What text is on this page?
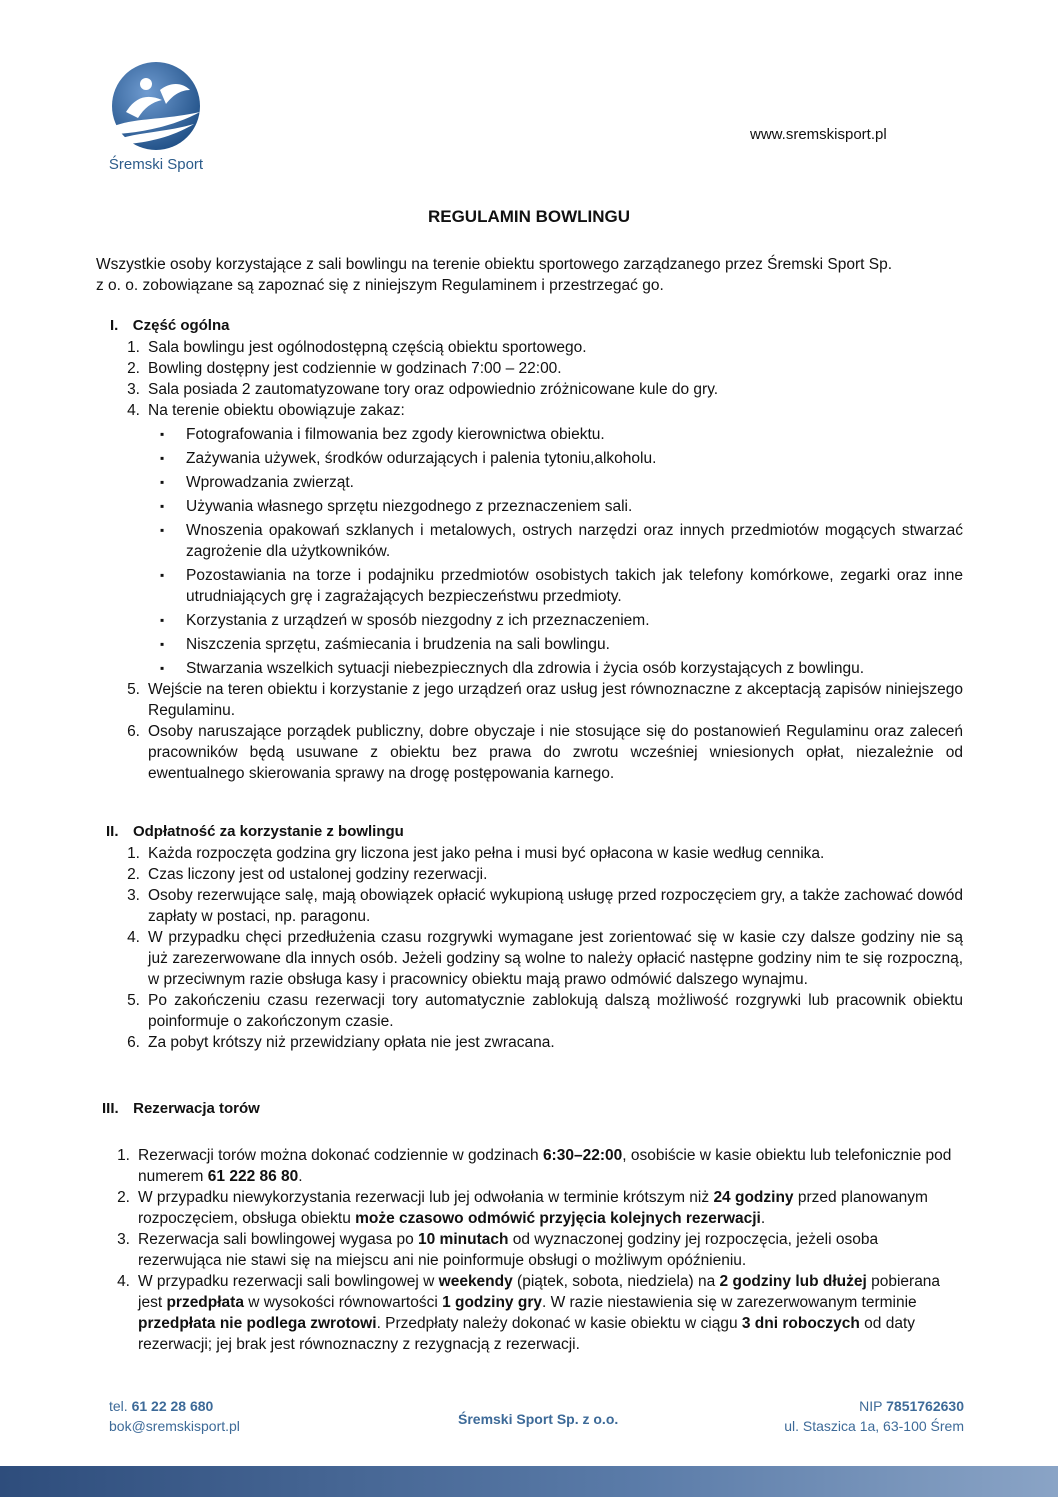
Śremski Sport
www.sremskisport.pl
REGULAMIN BOWLINGU
Wszystkie osoby korzystające z sali bowlingu na terenie obiektu sportowego zarządzanego przez Śremski Sport Sp.
z o. o. zobowiązane są zapoznać się z niniejszym Regulaminem i przestrzegać go.
I. Część ogólna
1. Sala bowlingu jest ogólnodostępną częścią obiektu sportowego.
2. Bowling dostępny jest codziennie w godzinach 7:00 – 22:00.
3. Sala posiada 2 zautomatyzowane tory oraz odpowiednio zróżnicowane kule do gry.
4. Na terenie obiektu obowiązuje zakaz:
▪	Fotografowania i filmowania bez zgody kierownictwa obiektu.
▪	Zażywania używek, środków odurzających i palenia tytoniu,alkoholu.
▪	Wprowadzania zwierząt.
▪	Używania własnego sprzętu niezgodnego z przeznaczeniem sali.
▪	Wnoszenia opakowań szklanych i metalowych, ostrych narzędzi oraz innych przedmiotów mogących stwarzać zagrożenie dla użytkowników.
▪	Pozostawiania na torze i podajniku przedmiotów osobistych takich jak telefony komórkowe, zegarki oraz inne utrudniających grę i zagrażających bezpieczeństwu przedmioty.
▪	Korzystania z urządzeń w sposób niezgodny z ich przeznaczeniem.
▪	Niszczenia sprzętu, zaśmiecania i brudzenia na sali bowlingu.
▪	Stwarzania wszelkich sytuacji niebezpiecznych dla zdrowia i życia osób korzystających z bowlingu.
5. Wejście na teren obiektu i korzystanie z jego urządzeń oraz usług jest równoznaczne z akceptacją zapisów niniejszego Regulaminu.
6. Osoby naruszające porządek publiczny, dobre obyczaje i nie stosujące się do postanowień Regulaminu oraz zaleceń pracowników będą usuwane z obiektu bez prawa do zwrotu wcześniej wniesionych opłat, niezależnie od ewentualnego skierowania sprawy na drogę postępowania karnego.
II. Odpłatność za korzystanie z bowlingu
1. Każda rozpoczęta godzina gry liczona jest jako pełna i musi być opłacona w kasie według cennika.
2. Czas liczony jest od ustalonej godziny rezerwacji.
3. Osoby rezerwujące salę, mają obowiązek opłacić wykupioną usługę przed rozpoczęciem gry, a także zachować dowód zapłaty w postaci, np. paragonu.
4. W przypadku chęci przedłużenia czasu rozgrywki wymagane jest zorientować się w kasie czy dalsze godziny nie są już zarezerwowane dla innych osób. Jeżeli godziny są wolne to należy opłacić następne godziny nim te się rozpoczną, w przeciwnym razie obsługa kasy i pracownicy obiektu mają prawo odmówić dalszego wynajmu.
5. Po zakończeniu czasu rezerwacji tory automatycznie zablokują dalszą możliwość rozgrywki lub pracownik obiektu poinformuje o zakończonym czasie.
6. Za pobyt krótszy niż przewidziany opłata nie jest zwracana.
III. Rezerwacja torów
1. Rezerwacji torów można dokonać codziennie w godzinach 6:30–22:00, osobiście w kasie obiektu lub telefonicznie pod numerem 61 222 86 80.
2. W przypadku niewykorzystania rezerwacji lub jej odwołania w terminie krótszym niż 24 godziny przed planowanym rozpoczęciem, obsługa obiektu może czasowo odmówić przyjęcia kolejnych rezerwacji.
3. Rezerwacja sali bowlingowej wygasa po 10 minutach od wyznaczonej godziny jej rozpoczęcia, jeżeli osoba rezerwująca nie stawi się na miejscu ani nie poinformuje obsługi o możliwym opóźnieniu.
4. W przypadku rezerwacji sali bowlingowej w weekendy (piątek, sobota, niedziela) na 2 godziny lub dłużej pobierana jest przedpłata w wysokości równowartości 1 godziny gry. W razie niestawienia się w zarezerwowanym terminie przedpłata nie podlega zwrotowi. Przedpłaty należy dokonać w kasie obiektu w ciągu 3 dni roboczych od daty rezerwacji; jej brak jest równoznaczny z rezygnacją z rezerwacji.
tel. 61 22 28 680
bok@sremskisport.pl	Śremski Sport Sp. z o.o.
NIP 7851762630
ul. Staszica 1a, 63-100 Śrem
